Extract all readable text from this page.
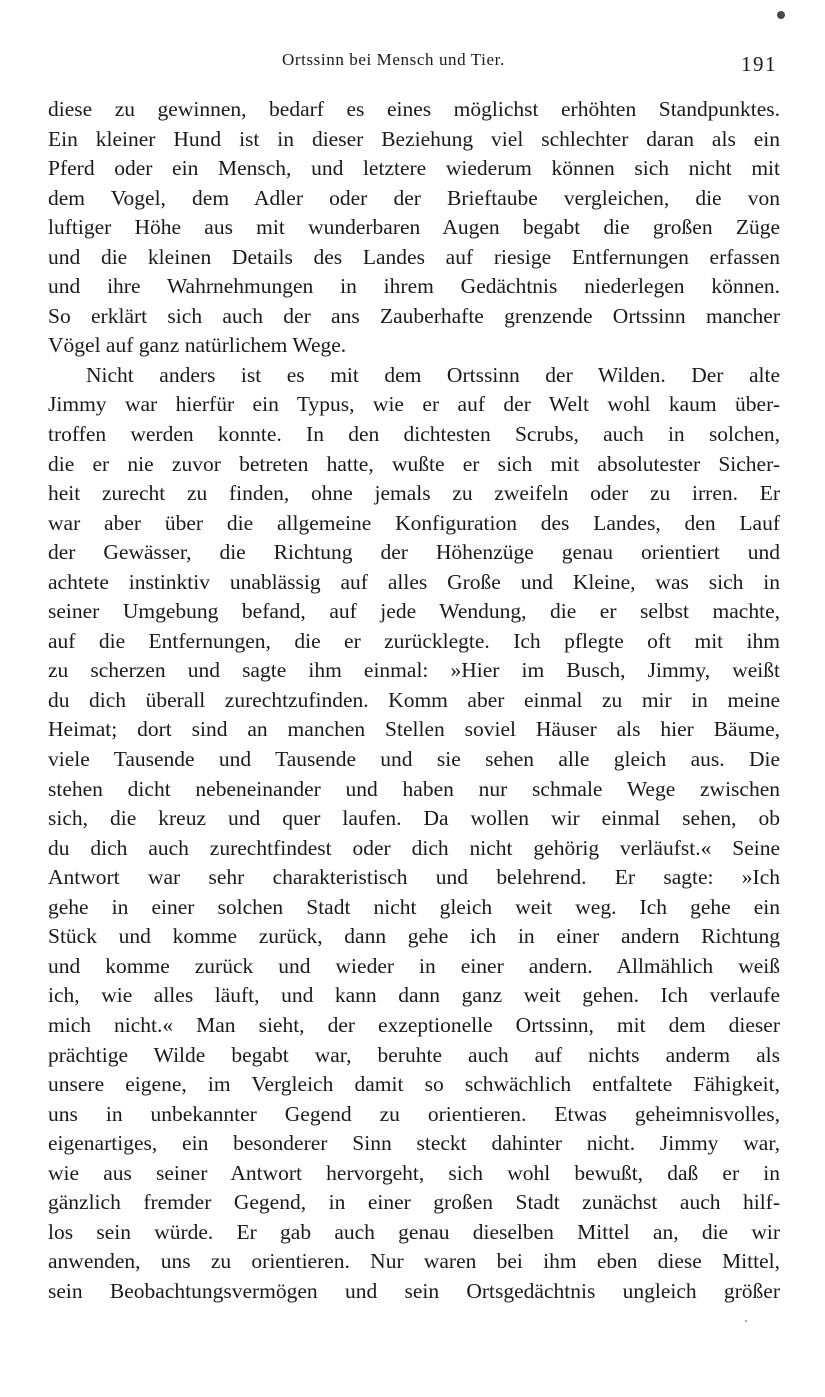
Ortssinn bei Mensch und Tier.	191
diese zu gewinnen, bedarf es eines möglichst erhöhten Standpunktes.
Ein kleiner Hund ist in dieser Beziehung viel schlechter daran als ein
Pferd oder ein Mensch, und letztere wiederum können sich nicht mit
dem Vogel, dem Adler oder der Brieftaube vergleichen, die von
luftiger Höhe aus mit wunderbaren Augen begabt die großen Züge
und die kleinen Details des Landes auf riesige Entfernungen erfassen
und ihre Wahrnehmungen in ihrem Gedächtnis niederlegen können.
So erklärt sich auch der ans Zauberhafte grenzende Ortssinn mancher
Vögel auf ganz natürlichem Wege.
Nicht anders ist es mit dem Ortssinn der Wilden. Der alte
Jimmy war hierfür ein Typus, wie er auf der Welt wohl kaum über-
troffen werden konnte. In den dichtesten Scrubs, auch in solchen,
die er nie zuvor betreten hatte, wußte er sich mit absolutester Sicher-
heit zurecht zu finden, ohne jemals zu zweifeln oder zu irren. Er
war aber über die allgemeine Konfiguration des Landes, den Lauf
der Gewässer, die Richtung der Höhenzüge genau orientiert und
achtete instinktiv unablässig auf alles Große und Kleine, was sich in
seiner Umgebung befand, auf jede Wendung, die er selbst machte,
auf die Entfernungen, die er zurücklegte. Ich pflegte oft mit ihm
zu scherzen und sagte ihm einmal: »Hier im Busch, Jimmy, weißt
du dich überall zurechtzufinden. Komm aber einmal zu mir in meine
Heimat; dort sind an manchen Stellen soviel Häuser als hier Bäume,
viele Tausende und Tausende und sie sehen alle gleich aus. Die
stehen dicht nebeneinander und haben nur schmale Wege zwischen
sich, die kreuz und quer laufen. Da wollen wir einmal sehen, ob
du dich auch zurechtfindest oder dich nicht gehörig verläufst.« Seine
Antwort war sehr charakteristisch und belehrend. Er sagte: »Ich
gehe in einer solchen Stadt nicht gleich weit weg. Ich gehe ein
Stück und komme zurück, dann gehe ich in einer andern Richtung
und komme zurück und wieder in einer andern. Allmählich weiß
ich, wie alles läuft, und kann dann ganz weit gehen. Ich verlaufe
mich nicht.« Man sieht, der exzeptionelle Ortssinn, mit dem dieser
prächtige Wilde begabt war, beruhte auch auf nichts anderm als
unsere eigene, im Vergleich damit so schwächlich entfaltete Fähigkeit,
uns in unbekannter Gegend zu orientieren. Etwas geheimnisvolles,
eigenartiges, ein besonderer Sinn steckt dahinter nicht. Jimmy war,
wie aus seiner Antwort hervorgeht, sich wohl bewußt, daß er in
gänzlich fremder Gegend, in einer großen Stadt zunächst auch hilf-
los sein würde. Er gab auch genau dieselben Mittel an, die wir
anwenden, uns zu orientieren. Nur waren bei ihm eben diese Mittel,
sein Beobachtungsvermögen und sein Ortsgedächtnis ungleich größer
